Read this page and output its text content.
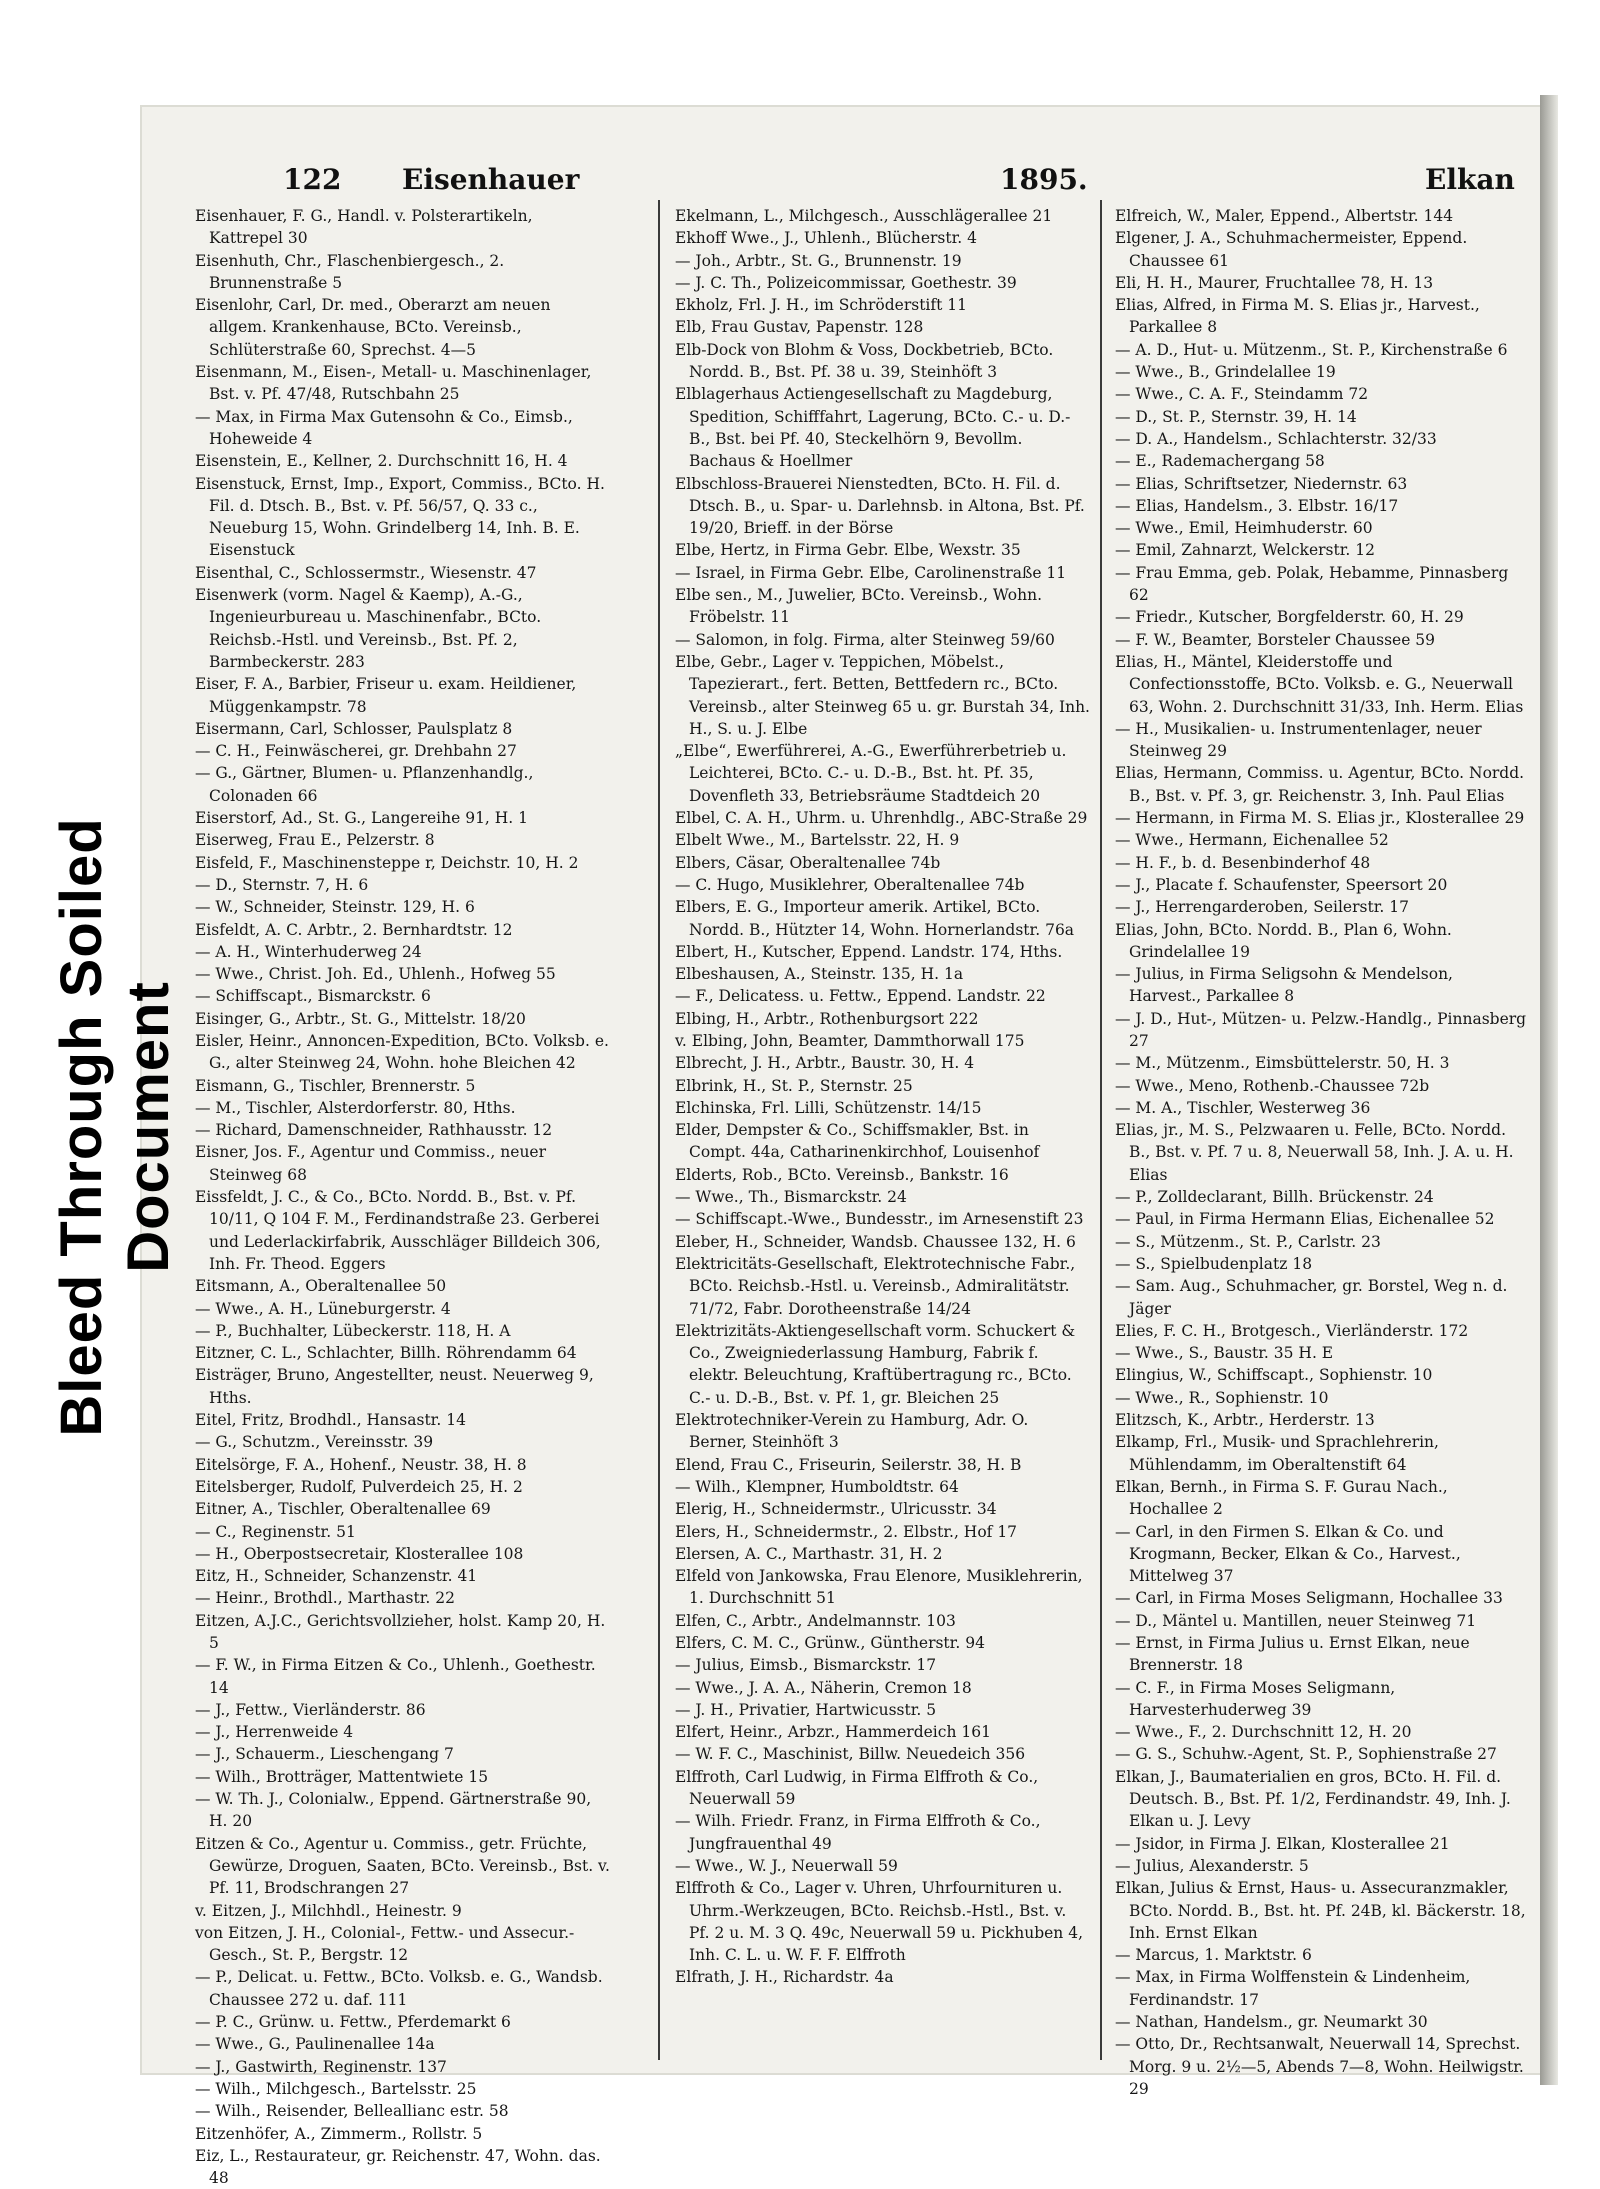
122 Eisenhauer	1895.	Elkan

Eisenhauer, F. G., Handl. v. Polsterartikeln, Kattrepel 30

Eisenhuth, Chr., Flaschenbiergesch., 2. Brunnenstraße 5

Eisenlohr, Carl, Dr. med., Oberarzt am neuen allgem. Krankenhause, BCto. Vereinsb., Schlüterstraße 60, Sprechst. 4—5

Eisenmann, M., Eisen-, Metall- u. Maschinenlager, Bst. v. Pf. 47/48, Rutschbahn 25

— Max, in Firma Max Gutensohn & Co., Eimsb., Hoheweide 4

Eisenstein, E., Kellner, 2. Durchschnitt 16, H. 4

Eisenstuck, Ernst, Imp., Export, Commiss., BCto. H. Fil. d. Dtsch. B., Bst. v. Pf. 56/57, Q. 33 c., Neueburg 15, Wohn. Grindelberg 14, Inh. B. E. Eisenstuck

Eisenthal, C., Schlossermstr., Wiesenstr. 47

Eisenwerk (vorm. Nagel & Kaemp), A.-G., Ingenieurbureau u. Maschinenfabr., BCto. Reichsb.-Hstl. und Vereinsb., Bst. Pf. 2, Barmbeckerstr. 283

Eiser, F. A., Barbier, Friseur u. exam. Heildiener, Müggenkampstr. 78

Eisermann, Carl, Schlosser, Paulsplatz 8

— C. H., Feinwäscherei, gr. Drehbahn 27

— G., Gärtner, Blumen- u. Pflanzenhandlg., Colonaden 66

Eiserstorf, Ad., St. G., Langereihe 91, H. 1

Eiserweg, Frau E., Pelzerstr. 8

Eisfeld, F., Maschinensteppe r, Deichstr. 10, H. 2

— D., Sternstr. 7, H. 6

— W., Schneider, Steinstr. 129, H. 6

Eisfeldt, A. C. Arbtr., 2. Bernhardtstr. 12

— A. H., Winterhuderweg 24

— Wwe., Christ. Joh. Ed., Uhlenh., Hofweg 55

— Schiffscapt., Bismarckstr. 6

Eisinger, G., Arbtr., St. G., Mittelstr. 18/20

Eisler, Heinr., Annoncen-Expedition, BCto. Volksb. e. G., alter Steinweg 24, Wohn. hohe Bleichen 42

Eismann, G., Tischler, Brennerstr. 5

— M., Tischler, Alsterdorferstr. 80, Hths.

— Richard, Damenschneider, Rathhausstr. 12

Eisner, Jos. F., Agentur und Commiss., neuer Steinweg 68

Eissfeldt, J. C., & Co., BCto. Nordd. B., Bst. v. Pf. 10/11, Q 104 F. M., Ferdinandstraße 23. Gerberei und Lederlackirfabrik, Ausschläger Billdeich 306, Inh. Fr. Theod. Eggers

Eitsmann, A., Oberaltenallee 50

— Wwe., A. H., Lüneburgerstr. 4

— P., Buchhalter, Lübeckerstr. 118, H. A

Eitzner, C. L., Schlachter, Billh. Röhrendamm 64

Eisträger, Bruno, Angestellter, neust. Neuerweg 9, Hths.

Eitel, Fritz, Brodhdl., Hansastr. 14

— G., Schutzm., Vereinsstr. 39

Eitelsörge, F. A., Hohenf., Neustr. 38, H. 8

Eitelsberger, Rudolf, Pulverdeich 25, H. 2

Eitner, A., Tischler, Oberaltenallee 69

— C., Reginenstr. 51

— H., Oberpostsecretair, Klosterallee 108

Eitz, H., Schneider, Schanzenstr. 41

— Heinr., Brothdl., Marthastr. 22

Eitzen, A.J.C., Gerichtsvollzieher, holst. Kamp 20, H. 5

— F. W., in Firma Eitzen & Co., Uhlenh., Goethestr. 14

— J., Fettw., Vierländerstr. 86

— J., Herrenweide 4

— J., Schauerm., Lieschengang 7

— Wilh., Brotträger, Mattentwiete 15

— W. Th. J., Colonialw., Eppend. Gärtnerstraße 90, H. 20

Eitzen & Co., Agentur u. Commiss., getr. Früchte, Gewürze, Droguen, Saaten, BCto. Vereinsb., Bst. v. Pf. 11, Brodschrangen 27

v. Eitzen, J., Milchhdl., Heinestr. 9

von Eitzen, J. H., Colonial-, Fettw.- und Assecur.-Gesch., St. P., Bergstr. 12

— P., Delicat. u. Fettw., BCto. Volksb. e. G., Wandsb. Chaussee 272 u. daf. 111

— P. C., Grünw. u. Fettw., Pferdemarkt 6

— Wwe., G., Paulinenallee 14a

— J., Gastwirth, Reginenstr. 137

— Wilh., Milchgesch., Bartelsstr. 25

— Wilh., Reisender, Belleallianc estr. 58

Eitzenhöfer, A., Zimmerm., Rollstr. 5

Eiz, L., Restaurateur, gr. Reichenstr. 47, Wohn. das. 48

Ekelmann, L., Milchgesch., Ausschlägerallee 21

Ekhoff Wwe., J., Uhlenh., Blücherstr. 4

— Joh., Arbtr., St. G., Brunnenstr. 19

— J. C. Th., Polizeicommissar, Goethestr. 39

Ekholz, Frl. J. H., im Schröderstift 11

Elb, Frau Gustav, Papenstr. 128

Elb-Dock von Blohm & Voss, Dockbetrieb, BCto. Nordd. B., Bst. Pf. 38 u. 39, Steinhöft 3

Elblagerhaus Actiengesellschaft zu Magdeburg, Spedition, Schifffahrt, Lagerung, BCto. C.- u. D.-B., Bst. bei Pf. 40, Steckelhörn 9, Bevollm. Bachaus & Hoellmer

Elbschloss-Brauerei Nienstedten, BCto. H. Fil. d. Dtsch. B., u. Spar- u. Darlehnsb. in Altona, Bst. Pf. 19/20, Brieff. in der Börse

Elbe, Hertz, in Firma Gebr. Elbe, Wexstr. 35

— Israel, in Firma Gebr. Elbe, Carolinenstraße 11

Elbe sen., M., Juwelier, BCto. Vereinsb., Wohn. Fröbelstr. 11

— Salomon, in folg. Firma, alter Steinweg 59/60

Elbe, Gebr., Lager v. Teppichen, Möbelst., Tapezierart., fert. Betten, Bettfedern rc., BCto. Vereinsb., alter Steinweg 65 u. gr. Burstah 34, Inh. H., S. u. J. Elbe

„Elbe“, Ewerführerei, A.-G., Ewerführerbetrieb u. Leichterei, BCto. C.- u. D.-B., Bst. ht. Pf. 35, Dovenfleth 33, Betriebsräume Stadtdeich 20

Elbel, C. A. H., Uhrm. u. Uhrenhdlg., ABC-Straße 29

Elbelt Wwe., M., Bartelsstr. 22, H. 9

Elbers, Cäsar, Oberaltenallee 74b

— C. Hugo, Musiklehrer, Oberaltenallee 74b

Elbers, E. G., Importeur amerik. Artikel, BCto. Nordd. B., Hützter 14, Wohn. Hornerlandstr. 76a

Elbert, H., Kutscher, Eppend. Landstr. 174, Hths.

Elbeshausen, A., Steinstr. 135, H. 1a

— F., Delicatess. u. Fettw., Eppend. Landstr. 22

Elbing, H., Arbtr., Rothenburgsort 222

v. Elbing, John, Beamter, Dammthorwall 175

Elbrecht, J. H., Arbtr., Baustr. 30, H. 4

Elbrink, H., St. P., Sternstr. 25

Elchinska, Frl. Lilli, Schützenstr. 14/15

Elder, Dempster & Co., Schiffsmakler, Bst. in Compt. 44a, Catharinenkirchhof, Louisenhof

Elderts, Rob., BCto. Vereinsb., Bankstr. 16

— Wwe., Th., Bismarckstr. 24

— Schiffscapt.-Wwe., Bundesstr., im Arnesenstift 23

Eleber, H., Schneider, Wandsb. Chaussee 132, H. 6

Elektricitäts-Gesellschaft, Elektrotechnische Fabr., BCto. Reichsb.-Hstl. u. Vereinsb., Admiralitätstr. 71/72, Fabr. Dorotheenstraße 14/24

Elektrizitäts-Aktiengesellschaft vorm. Schuckert & Co., Zweigniederlassung Hamburg, Fabrik f. elektr. Beleuchtung, Kraftübertragung rc., BCto. C.- u. D.-B., Bst. v. Pf. 1, gr. Bleichen 25

Elektrotechniker-Verein zu Hamburg, Adr. O. Berner, Steinhöft 3

Elend, Frau C., Friseurin, Seilerstr. 38, H. B

— Wilh., Klempner, Humboldtstr. 64

Elerig, H., Schneidermstr., Ulricusstr. 34

Elers, H., Schneidermstr., 2. Elbstr., Hof 17

Elersen, A. C., Marthastr. 31, H. 2

Elfeld von Jankowska, Frau Elenore, Musiklehrerin, 1. Durchschnitt 51

Elfen, C., Arbtr., Andelmannstr. 103

Elfers, C. M. C., Grünw., Güntherstr. 94

— Julius, Eimsb., Bismarckstr. 17

— Wwe., J. A. A., Näherin, Cremon 18

— J. H., Privatier, Hartwicusstr. 5

Elfert, Heinr., Arbzr., Hammerdeich 161

— W. F. C., Maschinist, Billw. Neuedeich 356

Elffroth, Carl Ludwig, in Firma Elffroth & Co., Neuerwall 59

— Wilh. Friedr. Franz, in Firma Elffroth & Co., Jungfrauenthal 49

— Wwe., W. J., Neuerwall 59

Elffroth & Co., Lager v. Uhren, Uhrfournituren u. Uhrm.-Werkzeugen, BCto. Reichsb.-Hstl., Bst. v. Pf. 2 u. M. 3 Q. 49c, Neuerwall 59 u. Pickhuben 4, Inh. C. L. u. W. F. F. Elffroth

Elfrath, J. H., Richardstr. 4a

Elfreich, W., Maler, Eppend., Albertstr. 144

Elgener, J. A., Schuhmachermeister, Eppend. Chaussee 61

Eli, H. H., Maurer, Fruchtallee 78, H. 13

Elias, Alfred, in Firma M. S. Elias jr., Harvest., Parkallee 8

— A. D., Hut- u. Mützenm., St. P., Kirchenstraße 6

— Wwe., B., Grindelallee 19

— Wwe., C. A. F., Steindamm 72

— D., St. P., Sternstr. 39, H. 14

— D. A., Handelsm., Schlachterstr. 32/33

— E., Rademachergang 58

— Elias, Schriftsetzer, Niedernstr. 63

— Elias, Handelsm., 3. Elbstr. 16/17

— Wwe., Emil, Heimhuderstr. 60

— Emil, Zahnarzt, Welckerstr. 12

— Frau Emma, geb. Polak, Hebamme, Pinnasberg 62

— Friedr., Kutscher, Borgfelderstr. 60, H. 29

— F. W., Beamter, Borsteler Chaussee 59

Elias, H., Mäntel, Kleiderstoffe und Confectionsstoffe, BCto. Volksb. e. G., Neuerwall 63, Wohn. 2. Durchschnitt 31/33, Inh. Herm. Elias

— H., Musikalien- u. Instrumentenlager, neuer Steinweg 29

Elias, Hermann, Commiss. u. Agentur, BCto. Nordd. B., Bst. v. Pf. 3, gr. Reichenstr. 3, Inh. Paul Elias

— Hermann, in Firma M. S. Elias jr., Klosterallee 29

— Wwe., Hermann, Eichenallee 52

— H. F., b. d. Besenbinderhof 48

— J., Placate f. Schaufenster, Speersort 20

— J., Herrengarderoben, Seilerstr. 17

Elias, John, BCto. Nordd. B., Plan 6, Wohn. Grindelallee 19

— Julius, in Firma Seligsohn & Mendelson, Harvest., Parkallee 8

— J. D., Hut-, Mützen- u. Pelzw.-Handlg., Pinnasberg 27

— M., Mützenm., Eimsbüttelerstr. 50, H. 3

— Wwe., Meno, Rothenb.-Chaussee 72b

— M. A., Tischler, Westerweg 36

Elias, jr., M. S., Pelzwaaren u. Felle, BCto. Nordd. B., Bst. v. Pf. 7 u. 8, Neuerwall 58, Inh. J. A. u. H. Elias

— P., Zolldeclarant, Billh. Brückenstr. 24

— Paul, in Firma Hermann Elias, Eichenallee 52

— S., Mützenm., St. P., Carlstr. 23

— S., Spielbudenplatz 18

— Sam. Aug., Schuhmacher, gr. Borstel, Weg n. d. Jäger

Elies, F. C. H., Brotgesch., Vierländerstr. 172

— Wwe., S., Baustr. 35 H. E

Elingius, W., Schiffscapt., Sophienstr. 10

— Wwe., R., Sophienstr. 10

Elitzsch, K., Arbtr., Herderstr. 13

Elkamp, Frl., Musik- und Sprachlehrerin, Mühlendamm, im Oberaltenstift 64

Elkan, Bernh., in Firma S. F. Gurau Nach., Hochallee 2

— Carl, in den Firmen S. Elkan & Co. und Krogmann, Becker, Elkan & Co., Harvest., Mittelweg 37

— Carl, in Firma Moses Seligmann, Hochallee 33

— D., Mäntel u. Mantillen, neuer Steinweg 71

— Ernst, in Firma Julius u. Ernst Elkan, neue Brennerstr. 18

— C. F., in Firma Moses Seligmann, Harvesterhuderweg 39

— Wwe., F., 2. Durchschnitt 12, H. 20

— G. S., Schuhw.-Agent, St. P., Sophienstraße 27

Elkan, J., Baumaterialien en gros, BCto. H. Fil. d. Deutsch. B., Bst. Pf. 1/2, Ferdinandstr. 49, Inh. J. Elkan u. J. Levy

— Jsidor, in Firma J. Elkan, Klosterallee 21

— Julius, Alexanderstr. 5

Elkan, Julius & Ernst, Haus- u. Assecuranzmakler, BCto. Nordd. B., Bst. ht. Pf. 24B, kl. Bäckerstr. 18, Inh. Ernst Elkan

— Marcus, 1. Marktstr. 6

— Max, in Firma Wolffenstein & Lindenheim, Ferdinandstr. 17

— Nathan, Handelsm., gr. Neumarkt 30

— Otto, Dr., Rechtsanwalt, Neuerwall 14, Sprechst. Morg. 9 u. 2½—5, Abends 7—8, Wohn. Heilwigstr. 29

Bleed Through Soiled Document
